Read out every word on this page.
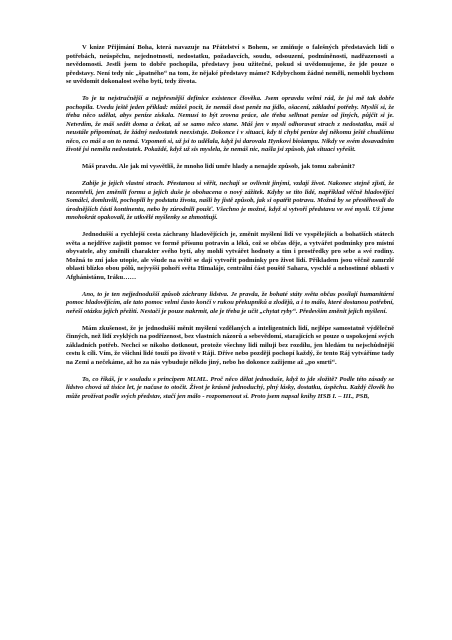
V knize Přijímání Boha, která navazuje na Přátelství s Bohem, se zmiňuje o falešných představách lidí o potřebách, neúspěchu, nejednotnosti, nedostatku, požadavcích, soudu, odsouzení, podmíněnosti, nadřazenosti a nevědomosti. Jestli jsem to dobře pochopila, představy jsou užitečné, pokud si uvědomujeme, že jde pouze o představy. Není tedy nic „špatného“ na tom, že nějaké představy máme? Kdybychom žádné neměli, nemohli bychom se uvědomit dokonalost svého bytí, tedy života.

To je ta nejstručnější a nejpřesnější definice existence člověka. Jsem opravdu velmi rád, že jsi mě tak dobře pochopila. Uvedu ještě jeden příklad: můžeš pocit, že nemáš dost peněz na jídlo, ošacení, základní potřeby. Myslíš si, že třeba něco udělat, abys peníze získala. Nemusí to být zrovna práce, ale třeba selhnat peníze od jiných, půjčit si je. Netvrdím, že máš sedět doma a čekat, až se samo něco stane. Máš jen v mysli odhoravat strach z nedostatku, máš si neustále připomínat, že žádný nedostatek neexistuje. Dokonce i v situaci, kdy ti chybí peníze dej někomu ještě chudšímu něco, co máš a on to nemá. Vzpomeň si, už jsi to udělala, když jsi darovala Hynkovi bioiampu. Nikdy ve svém dosavadním životě jsi neměla nedostatek. Pokaždé, když už sis myslela, že nemáš nic, našla jsi způsob, jak situaci vyřešit.

Máš pravdu. Ale jak mi vysvětlíš, že mnoho lidí umře hlady a nenajde způsob, jak tomu zabránit?

Zabije je jejich vlastní strach. Přestanou si věřit, nechají se ovlivnit jinými, vzdají život. Nakonec stejně zjistí, že nezemřeli, jen změnili formu a jejich duše je obohacena o nový zážitek. Kdyby se tito lidé, například věčně hladovějící Somálci, domluvili, pochopili by podstatu života, našli by jistě způsob, jak si opatřit potravu. Možná by se přestěhovali do úrodnějších částí kontinentu, nebo by zúrodnili poušť. Všechno je možné, když si vytvoří představu ve své mysli. Už jsme mnohokrát opakovali, že utkvělé myšlenky se zhmotňují.

Jednodušší a rychlejší cesta záchrany hladovějících je, změnit myšlení lidí ve vyspělejších a bohatších státech světa a nejdříve zajistit pomoc ve formě přísunu potravin a léků, což se občas děje, a vytvářet podmínky pro místní obyvatele, aby změnili charakter svého bytí, aby mohli vytvářet hodnoty a tím i prostředky pro sebe a své rodiny. Možná to zní jako utopie, ale všude na světě se dají vytvořit podmínky pro život lidí. Příkladem jsou věčně zamrzlé oblasti blízko obou pólů, nejvyšší pohoří světa Himaláje, centrální část pouště Sahara, vyschlé a nehostinné oblasti v Afghánistánu, Iráku……

Ano, to je ten nejjednodušší způsob záchrany lidstva. Je pravda, že bohaté státy světa občas posílají humanitární pomoc hladovějícím, ale tato pomoc velmi často končí v rukou překupníků a zlodějů, a i to málo, které dostanou potřební, neřeší otázku jejich přežití. Nestačí je pouze nakrmit, ale je třeba je učit „chytat ryby“. Především změnit jejich myšlení.

Mám zkušenost, že je jednodušší měnit myšlení vzdělaných a inteligentních lidí, nejlépe samostatně výdělečně činných, než lidí zvyklých na podřízenost, bez vlastních názorů a sebevědomí, starajících se pouze o uspokojení svých základních potřeb. Nechci se nikoho dotknout, protože všechny lidi miluji bez rozdílu, jen hledám tu nejschůdnější cestu k cíli. Vím, že všichni lidé touží po životě v Ráji. Dříve nebo později pochopí každý, že tento Ráj vytváříme tady na Zemi a nečekáme, až ho za nás vybuduje někdo jiný, nebo ho dokonce zažijeme až „po smrti“.

To, co říkáš, je v souladu s principem MLML. Proč něco dělat jednoduše, když to jde složitě? Podle této zásady se lidstvo chová už tisíce let, je načase to otočit. Život je krásně jednoduchý, plný lásky, dostatku, úspěchu. Každý člověk ho může prožívat podle svých představ, stačí jen málo - rozpomenout si. Proto jsem napsal knihy HSB I. – III., PSB,
